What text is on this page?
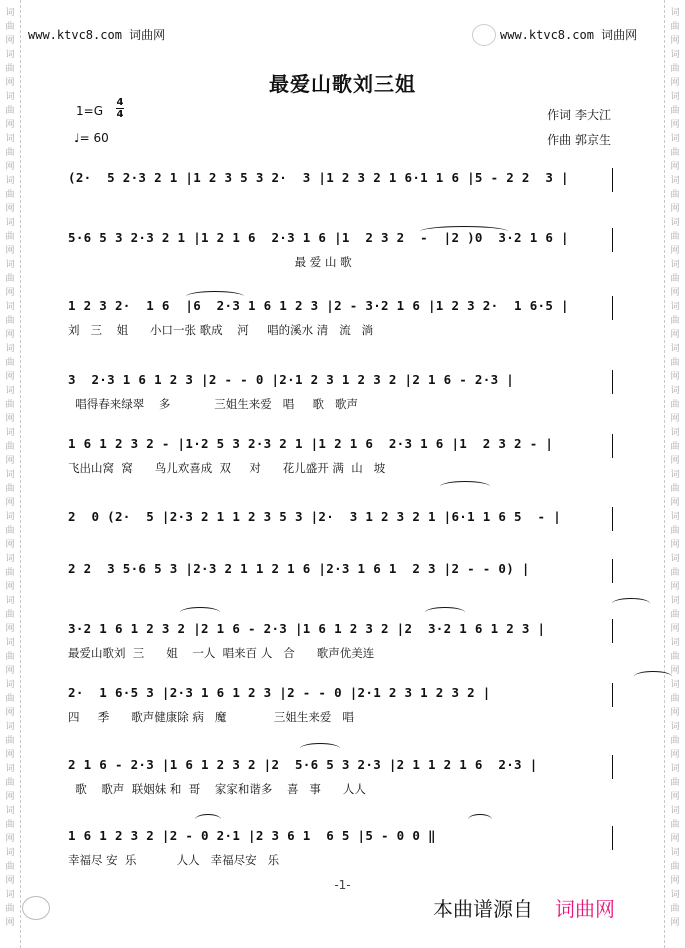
词
曲
网
词
曲
网
词
曲
网
词
曲
网
词
曲
网
词
曲
网
词
曲
网
词
曲
网
词
曲
网
词
曲
网
词
曲
网
词
曲
网
词
曲
网
词
曲
网
词
曲
网
词
曲
网
词
曲
网
词
曲
网
词
曲
网
词
曲
网
词
曲
网
词
曲
网
词
曲
网
词
曲
网
词
曲
网
词
曲
网
词
曲
网
词
曲
网
词
曲
网
词
曲
网
词
曲
网
词
曲
网
词
曲
网
词
曲
网
词
曲
网
词
曲
网
词
曲
网
词
曲
网
词
曲
网
词
曲
网
词
曲
网
词
曲
网
词
曲
网
词
曲
网
www.ktvc8.com 词曲网	www.ktvc8.com 词曲网
最爱山歌刘三姐
1=G
4
4
♩= 60
作词 李大江
作曲 郭京生
(2·  5 2·3 2 1 |1 2 3 5 3 2·  3 |1 2 3 2 1 6·1 1 6 |5 - 2 2  3 |
5·6 5 3 2·3 2 1 |1 2 1 6  2·3 1 6 |1  2 3 2  -  |2 )0  3·2 1 6 |
最 爱 山 歌
1 2 3 2·  1 6  |6  2·3 1 6 1 2 3 |2 - 3·2 1 6 |1 2 3 2·  1 6·5 |
刘   三    姐      小口一张 歌成    河     唱的溪水 清   流   淌
3  2·3 1 6 1 2 3 |2 - - 0 |2·1 2 3 1 2 3 2 |2 1 6 - 2·3 |
唱得春来绿翠    多            三姐生来爱   唱     歌   歌声
1 6 1 2 3 2 - |1·2 5 3 2·3 2 1 |1 2 1 6  2·3 1 6 |1  2 3 2 - |
飞出山窝  窝      鸟儿欢喜成  双     对      花儿盛开 满  山   坡
2  0 (2·  5 |2·3 2 1 1 2 3 5 3 |2·  3 1 2 3 2 1 |6·1 1 6 5  - |
2 2  3 5·6 5 3 |2·3 2 1 1 2 1 6 |2·3 1 6 1  2 3 |2 - - 0) |
3·2 1 6 1 2 3 2 |2 1 6 - 2·3 |1 6 1 2 3 2 |2  3·2 1 6 1 2 3 |
最爱山歌刘  三      姐    一人  唱来百 人   合      歌声优美连
2·  1 6·5 3 |2·3 1 6 1 2 3 |2 - - 0 |2·1 2 3 1 2 3 2 |
四     季      歌声健康除 病   魔             三姐生来爱   唱
2 1 6 - 2·3 |1 6 1 2 3 2 |2  5·6 5 3 2·3 |2 1 1 2 1 6  2·3 |
歌    歌声  联姻妹 和  哥    家家和谐多    喜   事      人人
1 6 1 2 3 2 |2 - 0 2·1 |2 3 6 1  6 5 |5 - 0 0 ‖
幸福尽 安  乐           人人   幸福尽安   乐
-1-
本曲谱源自 词曲网
